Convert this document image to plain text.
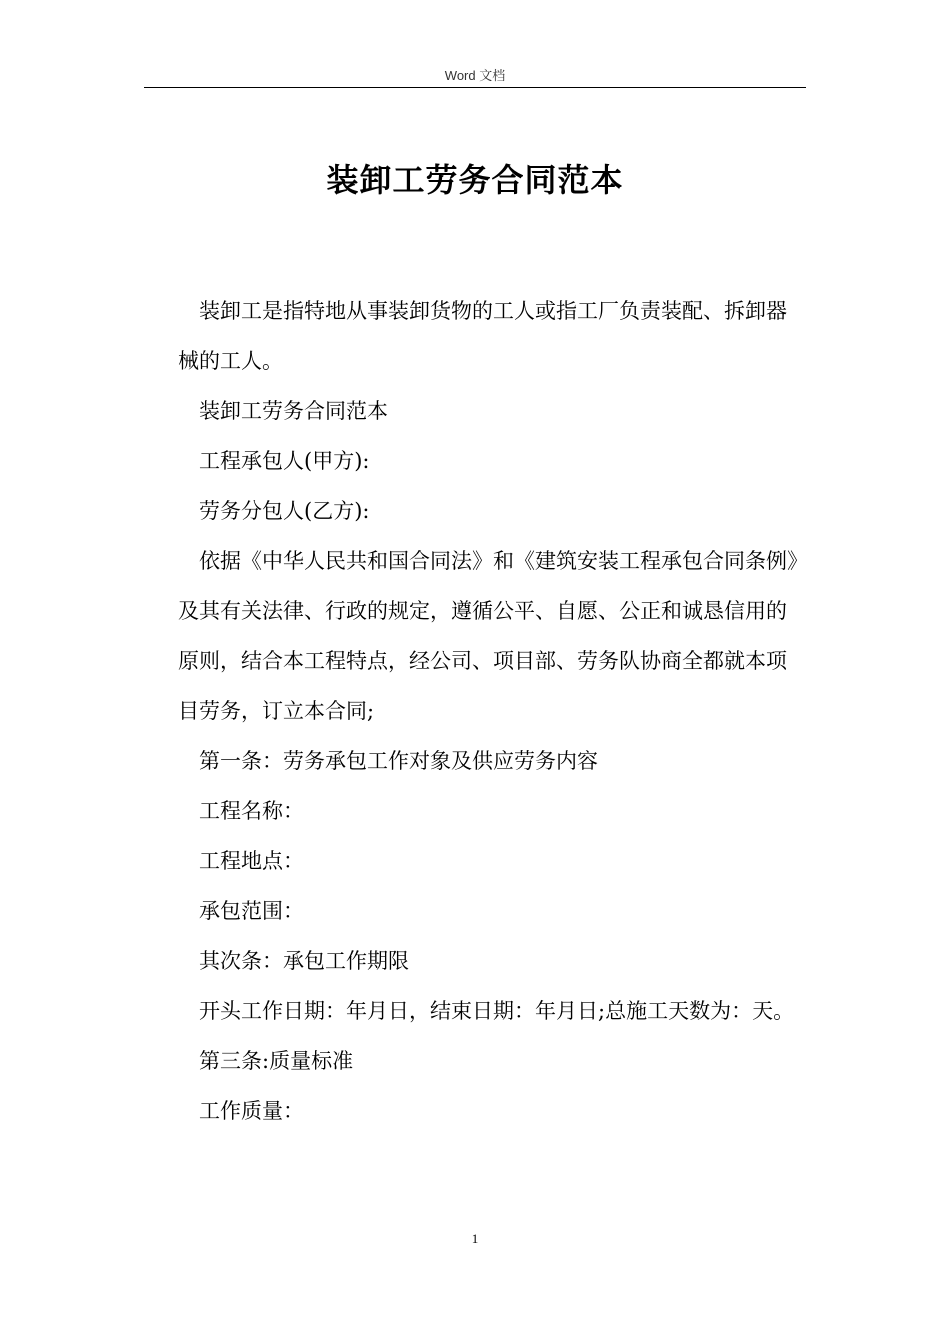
Word 文档
装卸工劳务合同范本

装卸工是指特地从事装卸货物的工人或指工厂负责装配、拆卸器械的工人。

装卸工劳务合同范本

工程承包人(甲方):

劳务分包人(乙方):

依据《中华人民共和国合同法》和《建筑安装工程承包合同条例》及其有关法律、行政的规定，遵循公平、自愿、公正和诚恳信用的原则，结合本工程特点，经公司、项目部、劳务队协商全都就本项目劳务，订立本合同;

第一条：劳务承包工作对象及供应劳务内容

工程名称：

工程地点：

承包范围：

其次条：承包工作期限

开头工作日期：年月日，结束日期：年月日;总施工天数为：天。

第三条:质量标准

工作质量：

1
